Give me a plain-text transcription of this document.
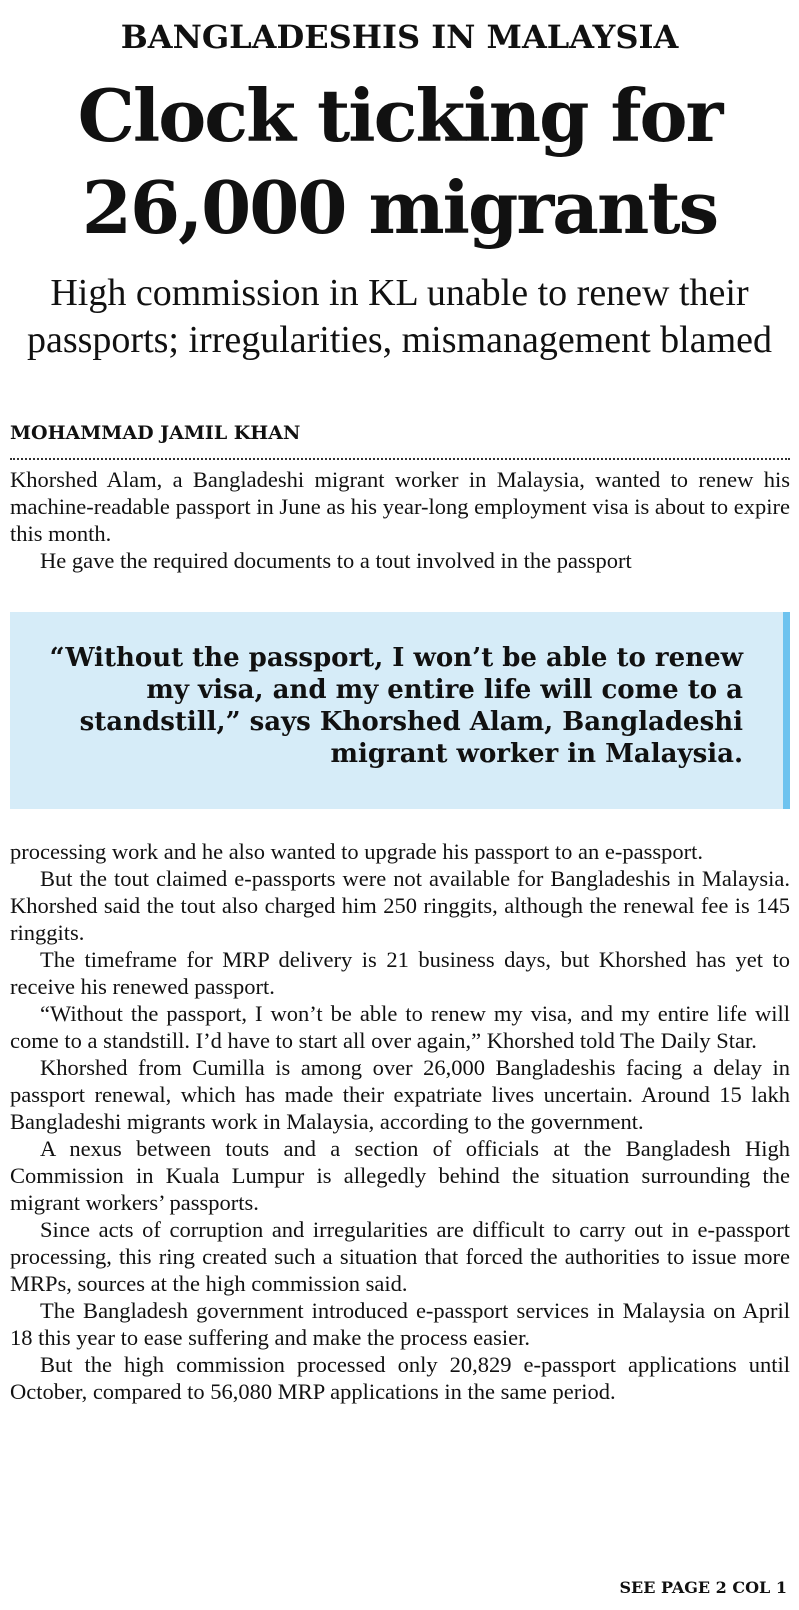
BANGLADESHIS IN MALAYSIA
Clock ticking for 26,000 migrants
High commission in KL unable to renew their passports; irregularities, mismanagement blamed
MOHAMMAD JAMIL KHAN

Khorshed Alam, a Bangladeshi migrant worker in Malaysia, wanted to renew his machine-readable passport in June as his year-long employment visa is about to expire this month.

He gave the required documents to a tout involved in the passport

“Without the passport, I won’t be able to renew my visa, and my entire life will come to a standstill,” says Khorshed Alam, Bangladeshi migrant worker in Malaysia.

processing work and he also wanted to upgrade his passport to an e-passport.

But the tout claimed e-passports were not available for Bangladeshis in Malaysia. Khorshed said the tout also charged him 250 ringgits, although the renewal fee is 145 ringgits.

The timeframe for MRP delivery is 21 business days, but Khorshed has yet to receive his renewed passport.

“Without the passport, I won’t be able to renew my visa, and my entire life will come to a standstill. I’d have to start all over again,” Khorshed told The Daily Star.

Khorshed from Cumilla is among over 26,000 Bangladeshis facing a delay in passport renewal, which has made their expatriate lives uncertain. Around 15 lakh Bangladeshi migrants work in Malaysia, according to the government.

A nexus between touts and a section of officials at the Bangladesh High Commission in Kuala Lumpur is allegedly behind the situation surrounding the migrant workers’ passports.

Since acts of corruption and irregularities are difficult to carry out in e-passport processing, this ring created such a situation that forced the authorities to issue more MRPs, sources at the high commission said.

The Bangladesh government introduced e-passport services in Malaysia on April 18 this year to ease suffering and make the process easier.

But the high commission processed only 20,829 e-passport applications until October, compared to 56,080 MRP applications in the same period.

SEE PAGE 2 COL 1
